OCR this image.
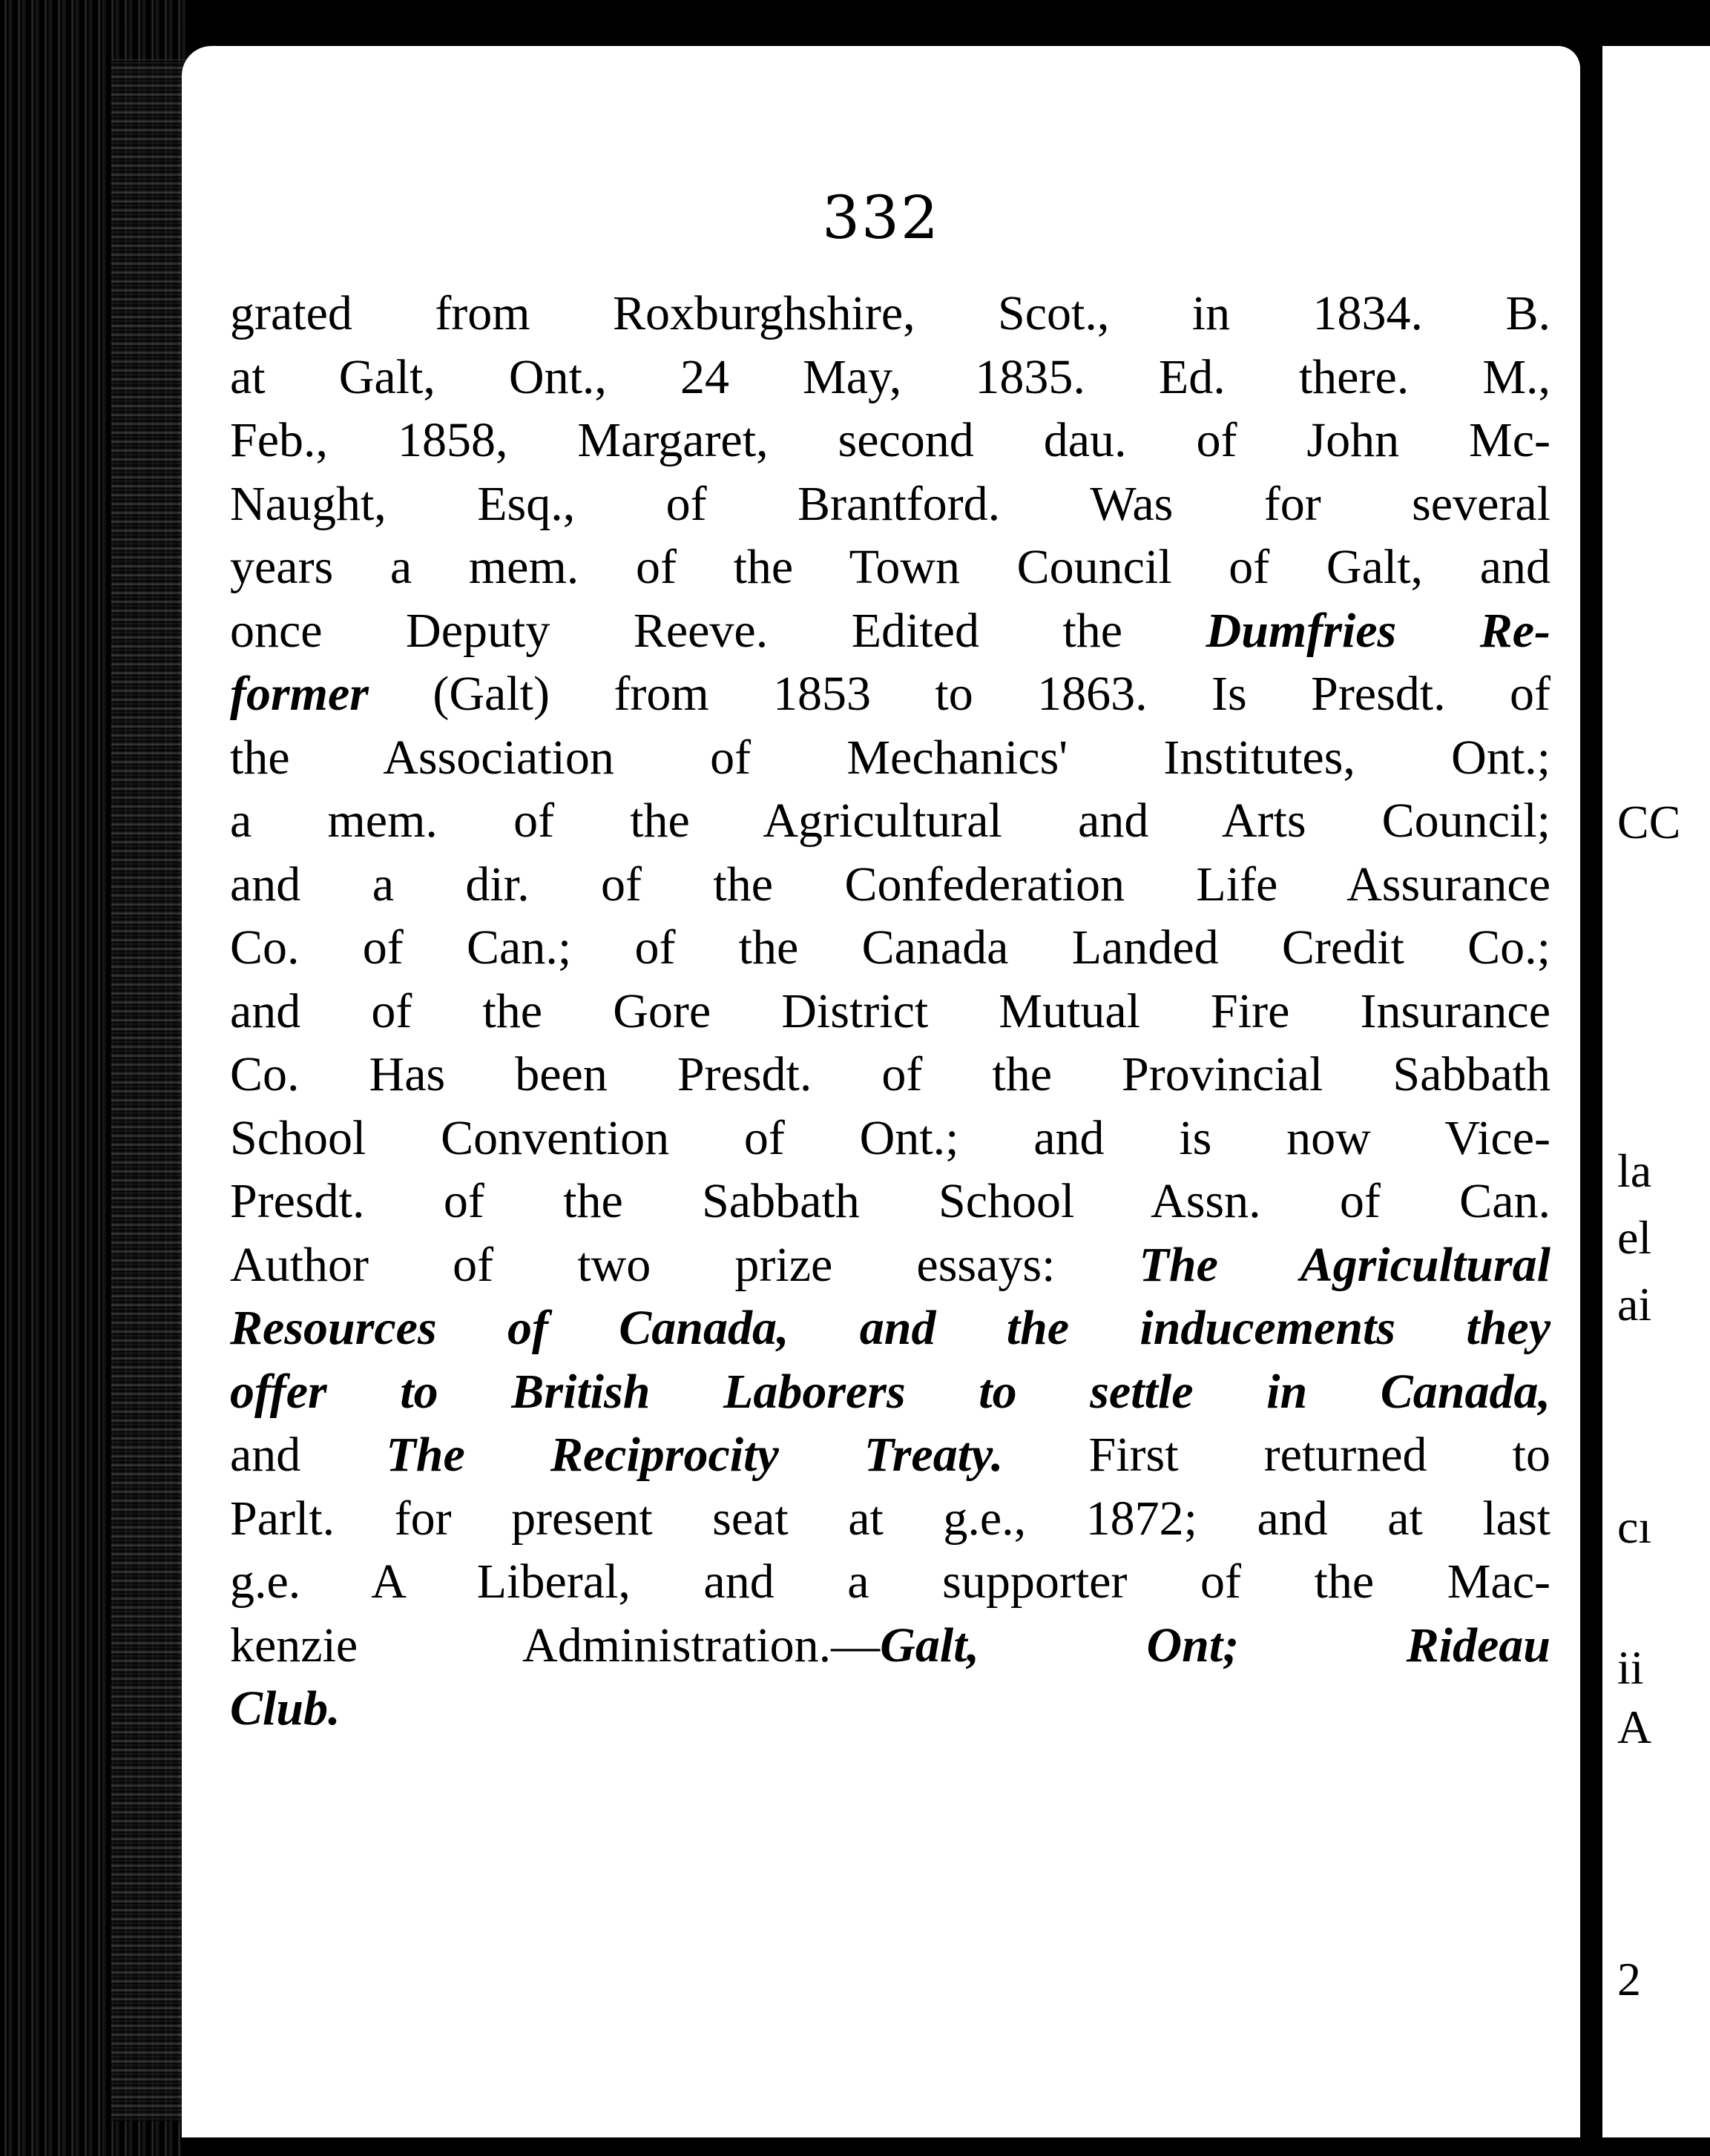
332
grated from Roxburghshire, Scot., in 1834. B.
at Galt, Ont., 24 May, 1835. Ed. there. M.,
Feb., 1858, Margaret, second dau. of John Mc-
Naught, Esq., of Brantford. Was for several
years a mem. of the Town Council of Galt, and
once Deputy Reeve. Edited the Dumfries Re-
former (Galt) from 1853 to 1863. Is Presdt. of
the Association of Mechanics' Institutes, Ont.;
a mem. of the Agricultural and Arts Council;
and a dir. of the Confederation Life Assurance
Co. of Can.; of the Canada Landed Credit Co.;
and of the Gore District Mutual Fire Insurance
Co. Has been Presdt. of the Provincial Sabbath
School Convention of Ont.; and is now Vice-
Presdt. of the Sabbath School Assn. of Can.
Author of two prize essays: The Agricultural
Resources of Canada, and the inducements they
offer to British Laborers to settle in Canada,
and The Reciprocity Treaty. First returned to
Parlt. for present seat at g.e., 1872; and at last
g.e. A Liberal, and a supporter of the Mac-
kenzie Administration.—Galt, Ont; Rideau
Club.
CC
la
el
ai
cı
ii
A
2
